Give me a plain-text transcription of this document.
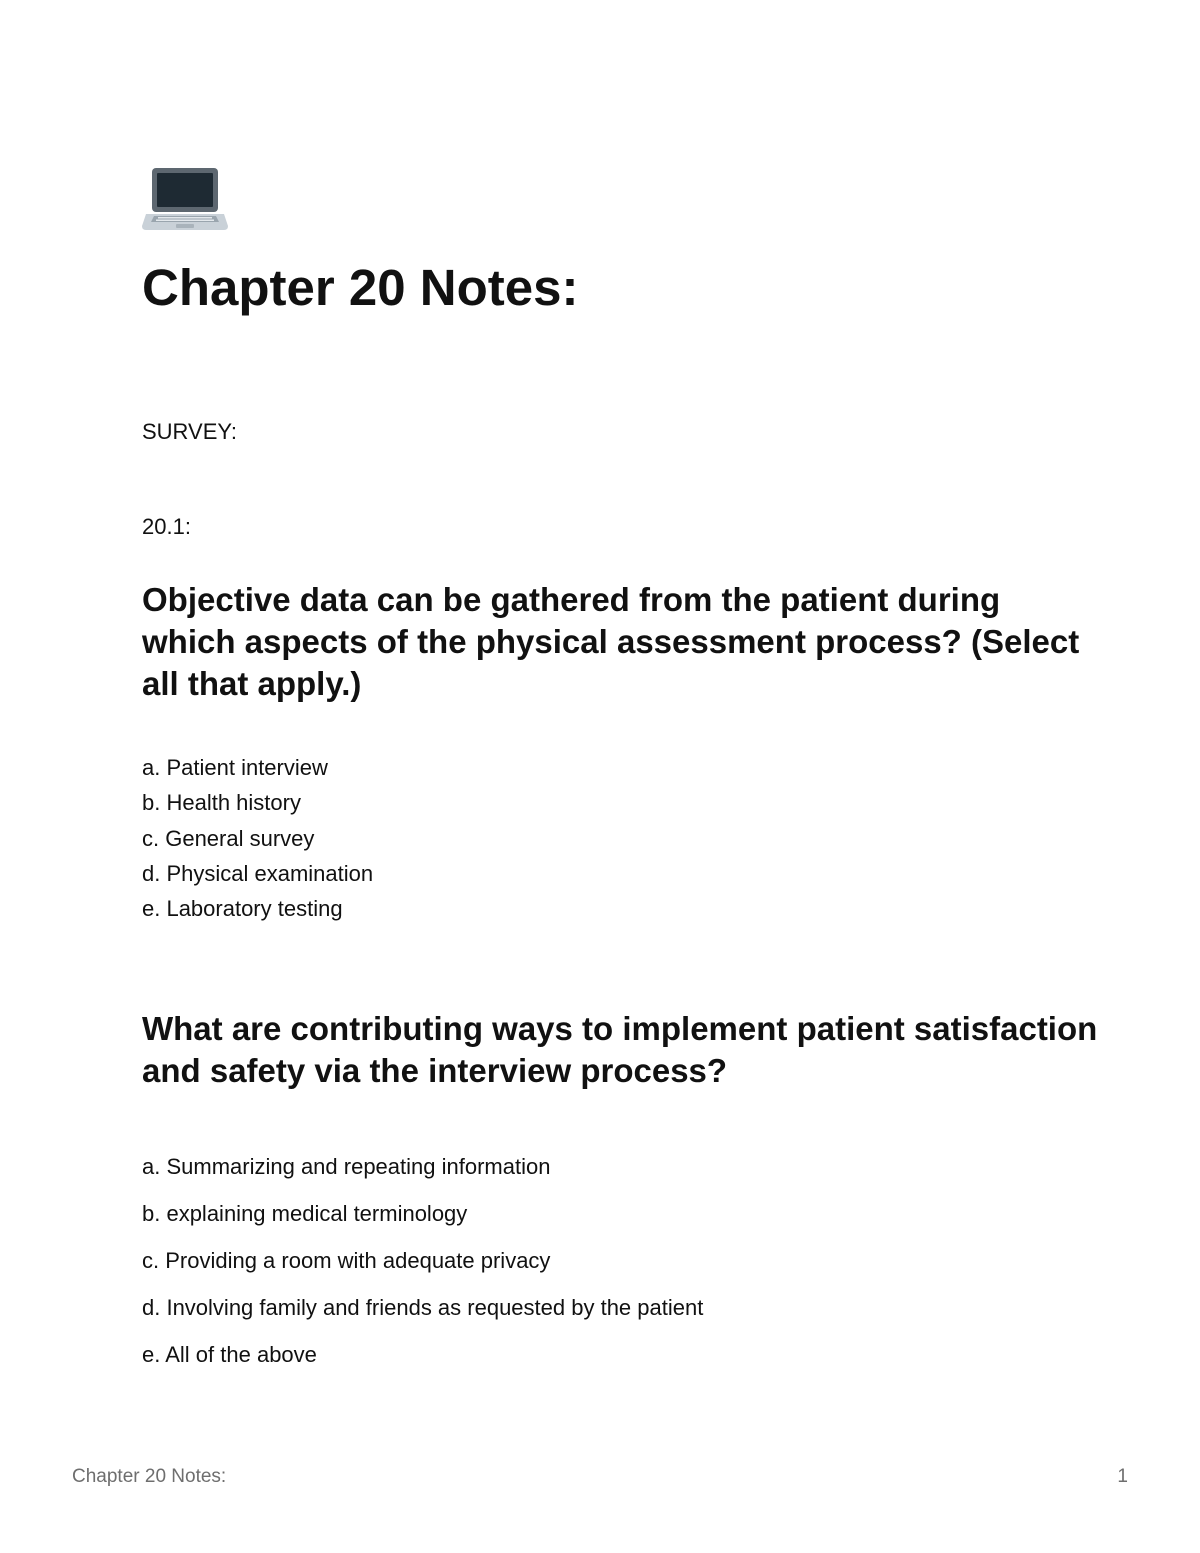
Chapter 20 Notes:

SURVEY:

20.1:

Objective data can be gathered from the patient during which aspects of the physical assessment process? (Select all that apply.)

a. Patient interview
b. Health history
c. General survey
d. Physical examination
e. Laboratory testing

What are contributing ways to implement patient satisfaction and safety via the interview process?

a. Summarizing and repeating information
b. explaining medical terminology
c. Providing a room with adequate privacy
d. Involving family and friends as requested by the patient
e. All of the above
Chapter 20 Notes:	1
